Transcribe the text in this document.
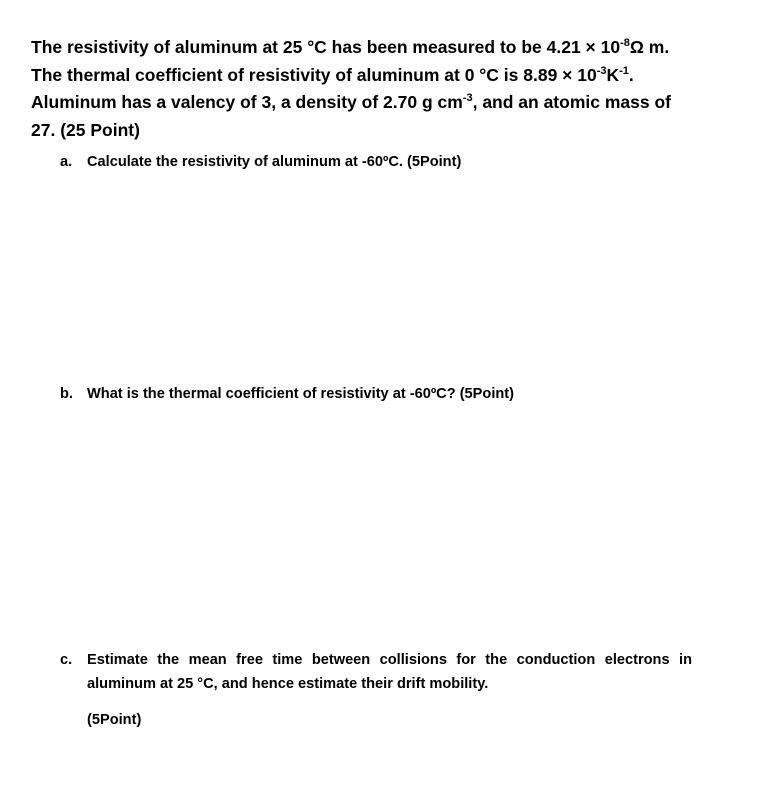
The resistivity of aluminum at 25 °C has been measured to be $4.21 \times 10^{-8}\Omega$ m. The thermal coefficient of resistivity of aluminum at 0 °C is $8.89 \times 10^{-3}K^{-1}$. Aluminum has a valency of 3, a density of 2.70 g $cm^{-3}$, and an atomic mass of 27. (25 Point)

a. Calculate the resistivity of aluminum at -60ºC. (5Point)
b. What is the thermal coefficient of resistivity at -60ºC? (5Point)
c. Estimate the mean free time between collisions for the conduction electrons in aluminum at 25 °C, and hence estimate their drift mobility.

(5Point)
